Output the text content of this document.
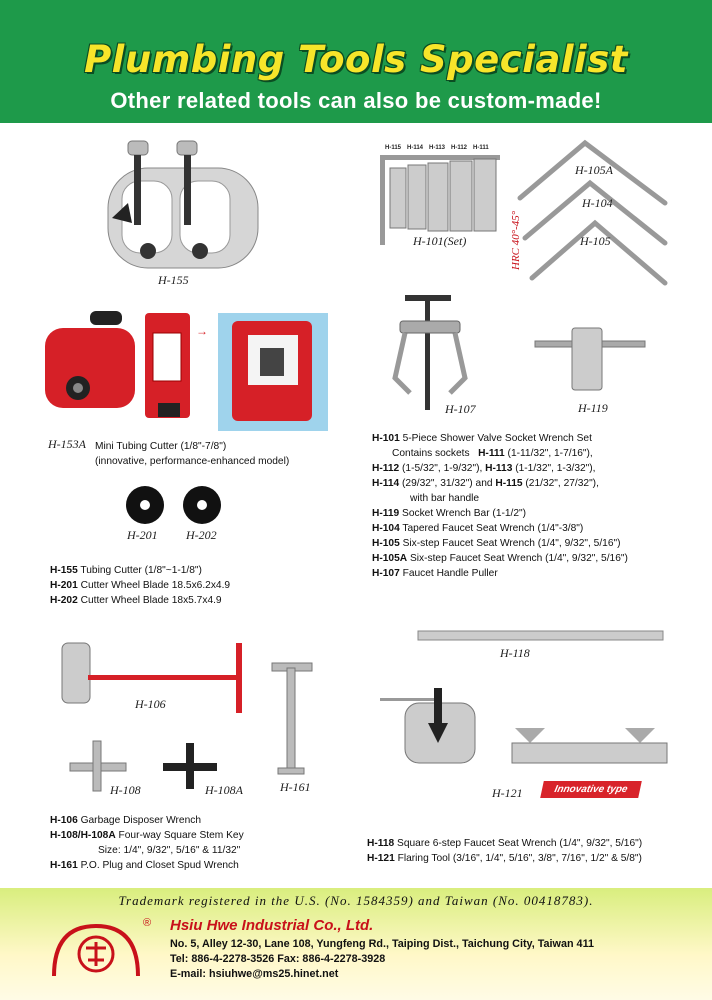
Plumbing Tools Specialist
Other related tools can also be custom-made!
→
H-155
H-153A
H-201 H-202
H-115 H-114 H-113 H-112 H-111
H-101(Set)	HRC 40°-45°
H-105A
H-104
H-105
H-107	H-119
H-106
H-108	H-108A	H-161
H-118
H-121	Innovative type
Mini Tubing Cutter (1/8"-7/8")
(innovative, performance-enhanced model)
H-155 Tubing Cutter (1/8"~1-1/8")
H-201 Cutter Wheel Blade 18.5x6.2x4.9
H-202 Cutter Wheel Blade 18x5.7x4.9
H-101 5-Piece Shower Valve Socket Wrench Set
Contains sockets H-111 (1-11/32", 1-7/16"),
H-112 (1-5/32", 1-9/32"), H-113 (1-1/32", 1-3/32"),
H-114 (29/32", 31/32") and H-115 (21/32", 27/32"),
with bar handle
H-119 Socket Wrench Bar (1-1/2")
H-104 Tapered Faucet Seat Wrench (1/4"-3/8")
H-105 Six-step Faucet Seat Wrench (1/4", 9/32", 5/16")
H-105A Six-step Faucet Seat Wrench (1/4", 9/32", 5/16")
H-107 Faucet Handle Puller
H-106 Garbage Disposer Wrench
H-108/H-108A Four-way Square Stem Key
Size: 1/4", 9/32", 5/16" & 11/32"
H-161 P.O. Plug and Closet Spud Wrench
H-118 Square 6-step Faucet Seat Wrench (1/4", 9/32", 5/16")
H-121 Flaring Tool (3/16", 1/4", 5/16", 3/8", 7/16", 1/2" & 5/8")
Trademark registered in the U.S. (No. 1584359) and Taiwan (No. 00418783).
® Hsiu Hwe Industrial Co., Ltd.
No. 5, Alley 12-30, Lane 108, Yungfeng Rd., Taiping Dist., Taichung City, Taiwan 411
Tel: 886-4-2278-3526 Fax: 886-4-2278-3928
E-mail: hsiuhwe@ms25.hinet.net
